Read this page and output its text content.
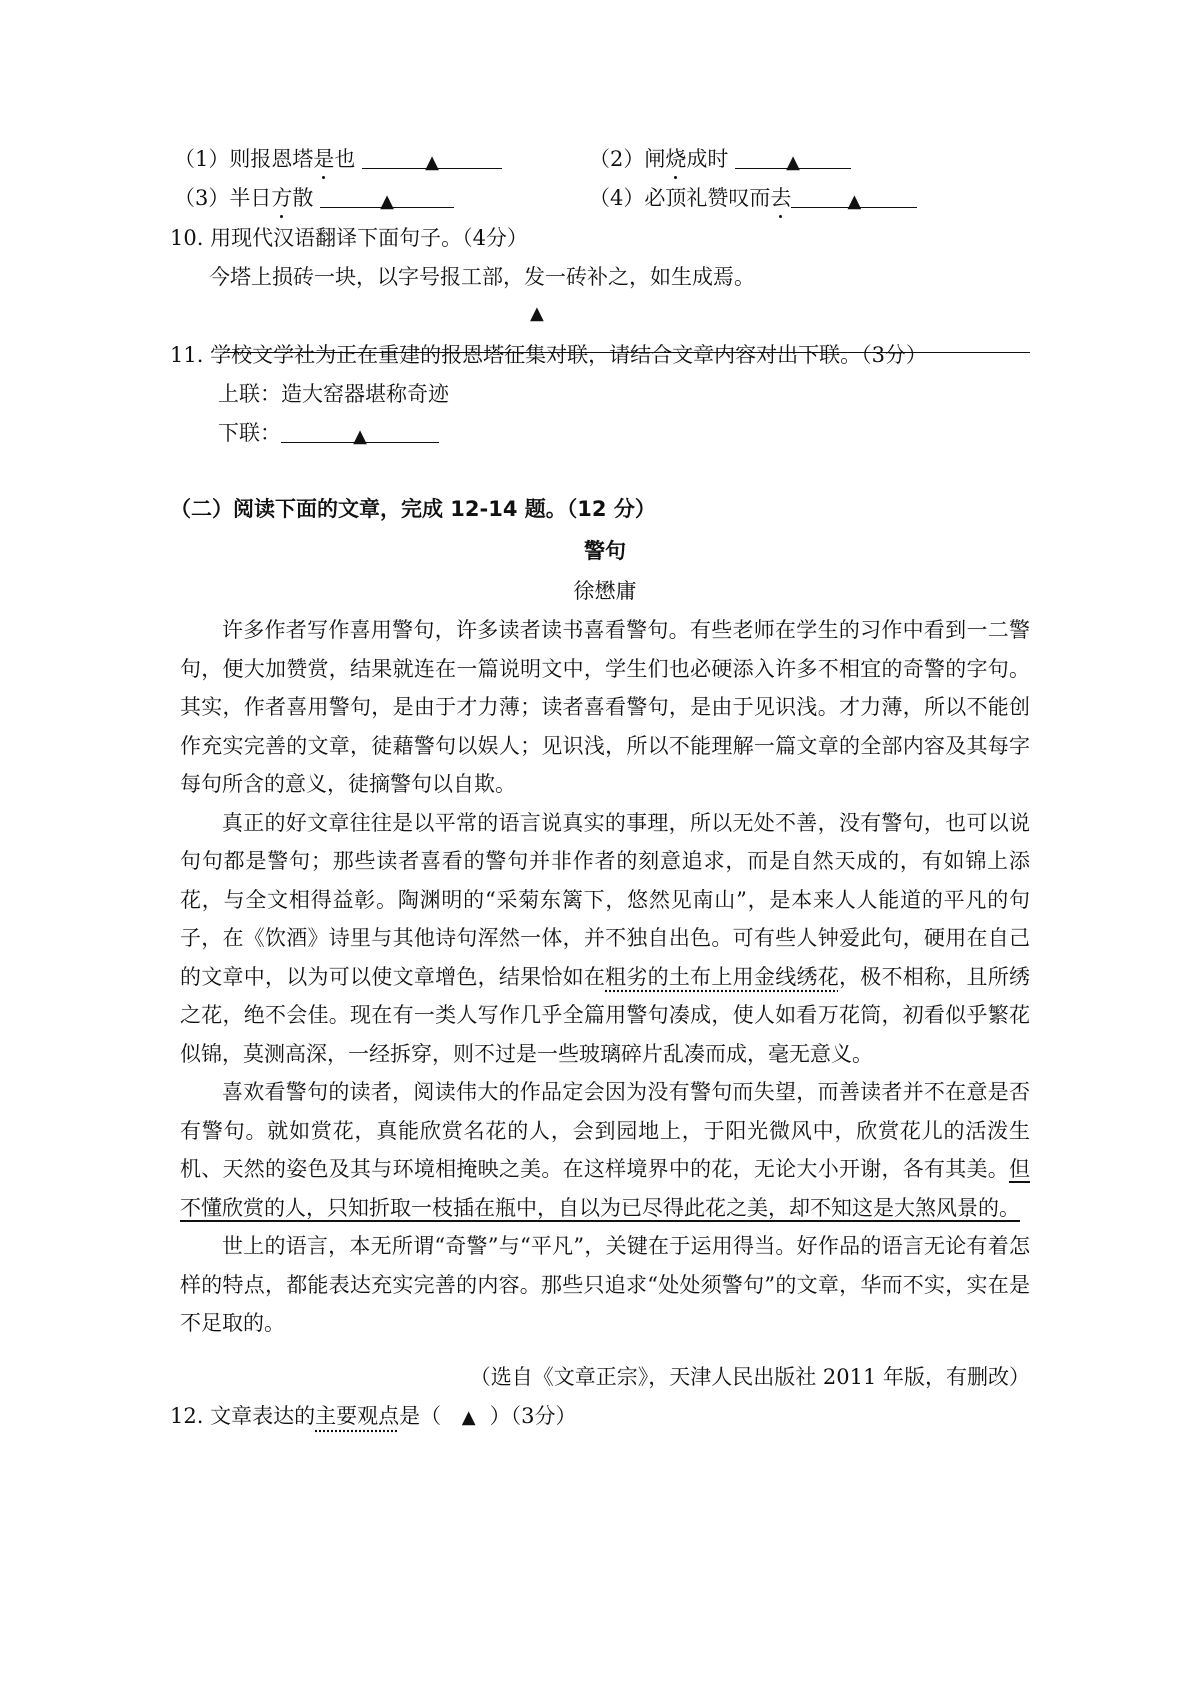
（1）则报恩塔是也	▲	（2）闸烧成时	▲
（3）半日方散	▲	（4）必顶礼赞叹而去	▲
10. 用现代汉语翻译下面句子。（4分）
今塔上损砖一块，以字号报工部，发一砖补之，如生成焉。
▲
11. 学校文学社为正在重建的报恩塔征集对联，请结合文章内容对出下联。（3分）
上联：造大窑器堪称奇迹
下联：	▲
（二）阅读下面的文章，完成 12-14 题。（12 分）
警句
徐懋庸

许多作者写作喜用警句，许多读者读书喜看警句。有些老师在学生的习作中看到一二警句，便大加赞赏，结果就连在一篇说明文中，学生们也必硬添入许多不相宜的奇警的字句。其实，作者喜用警句，是由于才力薄；读者喜看警句，是由于见识浅。才力薄，所以不能创作充实完善的文章，徒藉警句以娱人；见识浅，所以不能理解一篇文章的全部内容及其每字每句所含的意义，徒摘警句以自欺。

真正的好文章往往是以平常的语言说真实的事理，所以无处不善，没有警句，也可以说句句都是警句；那些读者喜看的警句并非作者的刻意追求，而是自然天成的，有如锦上添花，与全文相得益彰。陶渊明的“采菊东篱下，悠然见南山”，是本来人人能道的平凡的句子，在《饮酒》诗里与其他诗句浑然一体，并不独自出色。可有些人钟爱此句，硬用在自己的文章中，以为可以使文章增色，结果恰如在粗劣的土布上用金线绣花，极不相称，且所绣之花，绝不会佳。现在有一类人写作几乎全篇用警句凑成，使人如看万花筒，初看似乎繁花似锦，莫测高深，一经拆穿，则不过是一些玻璃碎片乱凑而成，毫无意义。

喜欢看警句的读者，阅读伟大的作品定会因为没有警句而失望，而善读者并不在意是否有警句。就如赏花，真能欣赏名花的人，会到园地上，于阳光微风中，欣赏花儿的活泼生机、天然的姿色及其与环境相掩映之美。在这样境界中的花，无论大小开谢，各有其美。但不懂欣赏的人，只知折取一枝插在瓶中，自以为已尽得此花之美，却不知这是大煞风景的。

世上的语言，本无所谓“奇警”与“平凡”，关键在于运用得当。好作品的语言无论有着怎样的特点，都能表达充实完善的内容。那些只追求“处处须警句”的文章，华而不实，实在是不足取的。

（选自《文章正宗》，天津人民出版社 2011 年版，有删改）
12. 文章表达的主要观点是（ ▲ ）（3分）
